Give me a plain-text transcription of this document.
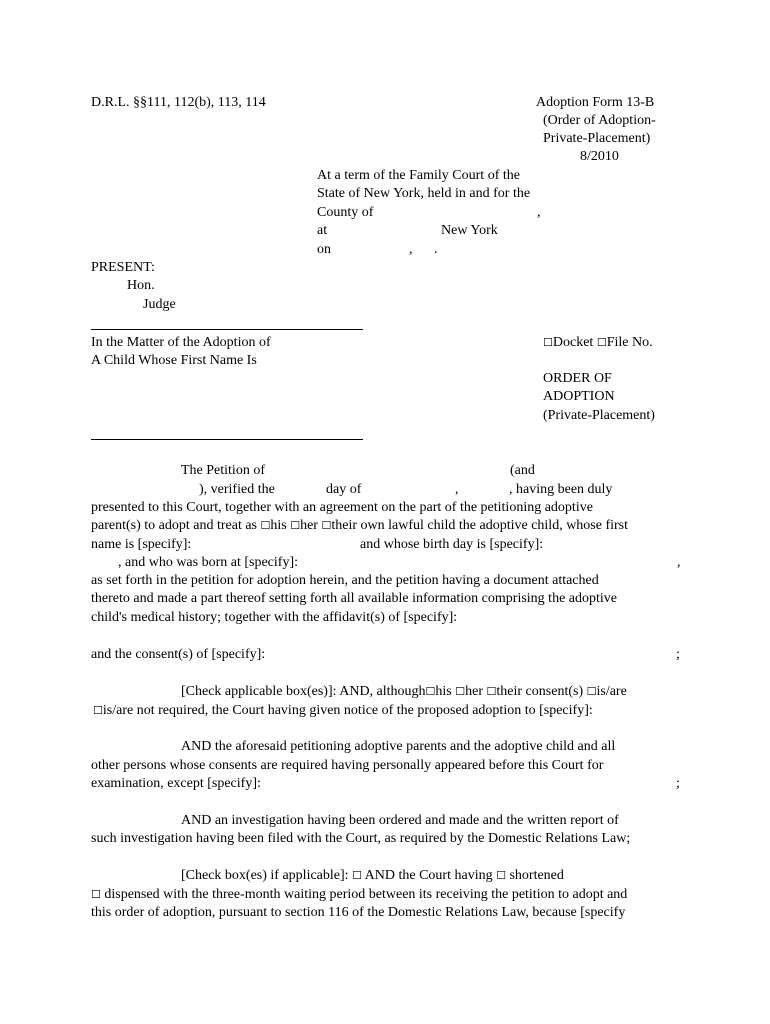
D.R.L. §§111, 112(b), 113, 114	Adoption Form 13-B
(Order of Adoption-
Private-Placement)
8/2010
At a term of the Family Court of the
State of New York, held in and for the
County of	,
at	New York
on	, .
PRESENT:
Hon.
Judge
In the Matter of the Adoption of
A Child Whose First Name Is
☐Docket ☐File No.
ORDER OF
ADOPTION
(Private-Placement)
The Petition of	(and
), verified the	day of	,	, having been duly
presented to this Court, together with an agreement on the part of the petitioning adoptive
parent(s) to adopt and treat as ☐his ☐her ☐their own lawful child the adoptive child, whose first
name is [specify]:	and whose birth day is [specify]:
, and who was born at [specify]:	,
as set forth in the petition for adoption herein, and the petition having a document attached
thereto and made a part thereof setting forth all available information comprising the adoptive
child's medical history; together with the affidavit(s) of [specify]:
and the consent(s) of [specify]:	;
[Check applicable box(es)]: AND, although☐his ☐her ☐their consent(s) ☐is/are
☐is/are not required, the Court having given notice of the proposed adoption to [specify]:
AND the aforesaid petitioning adoptive parents and the adoptive child and all
other persons whose consents are required having personally appeared before this Court for
examination, except [specify]:	;
AND an investigation having been ordered and made and the written report of
such investigation having been filed with the Court, as required by the Domestic Relations Law;
[Check box(es) if applicable]: ☐ AND the Court having ☐ shortened
☐ dispensed with the three-month waiting period between its receiving the petition to adopt and
this order of adoption, pursuant to section 116 of the Domestic Relations Law, because [specify
